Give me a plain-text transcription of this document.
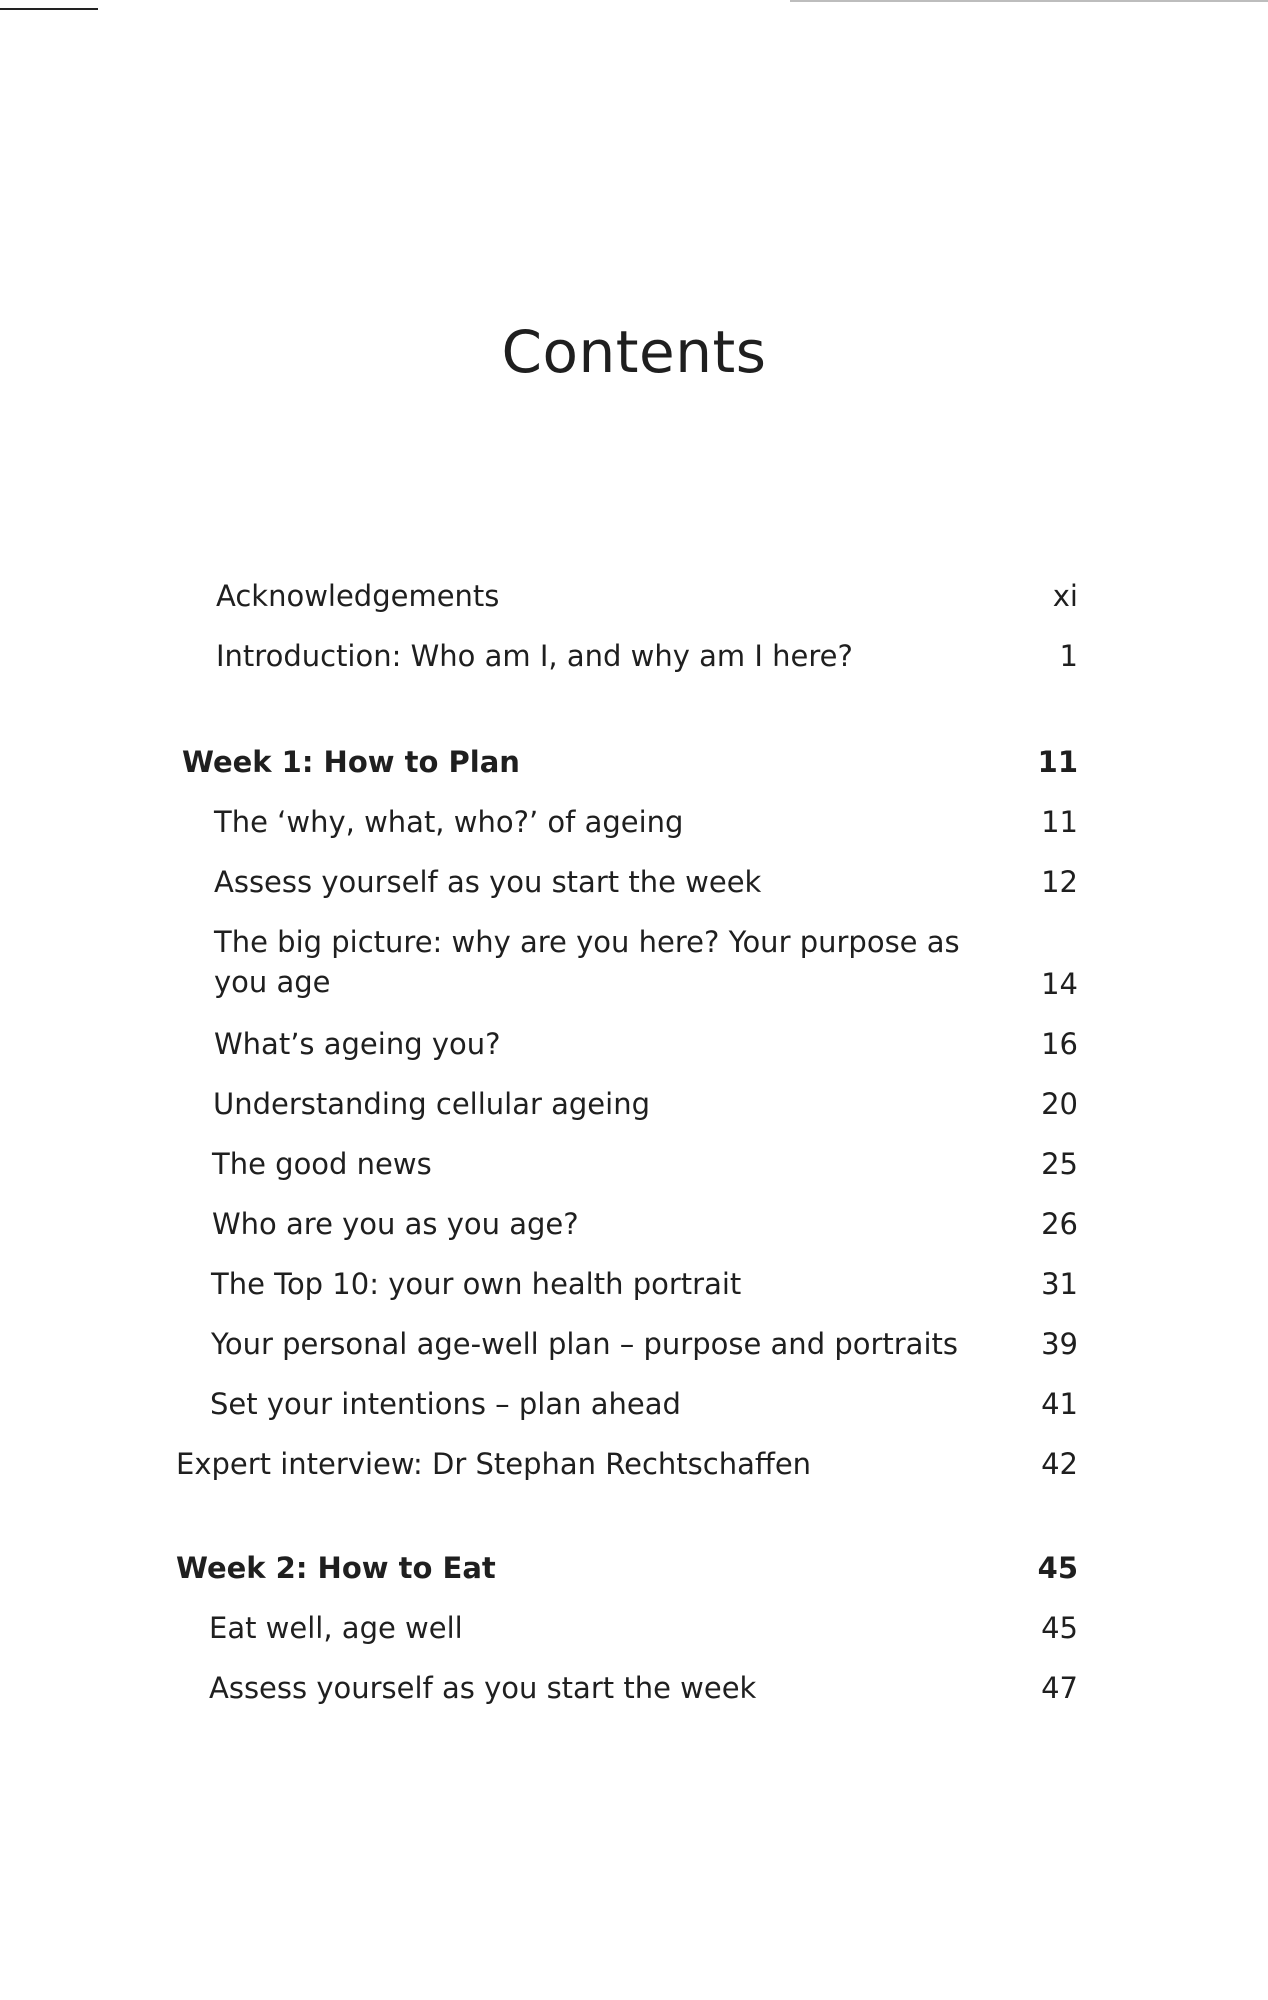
Contents
Acknowledgements	xi
Introduction: Who am I, and why am I here?	1
Week 1: How to Plan	11
The ‘why, what, who?’ of ageing	11
Assess yourself as you start the week	12
The big picture: why are you here? Your purpose as you age	14
What’s ageing you?	16
Understanding cellular ageing	20
The good news	25
Who are you as you age?	26
The Top 10: your own health portrait	31
Your personal age-well plan – purpose and portraits	39
Set your intentions – plan ahead	41
Expert interview: Dr Stephan Rechtschaffen	42
Week 2: How to Eat	45
Eat well, age well	45
Assess yourself as you start the week	47
